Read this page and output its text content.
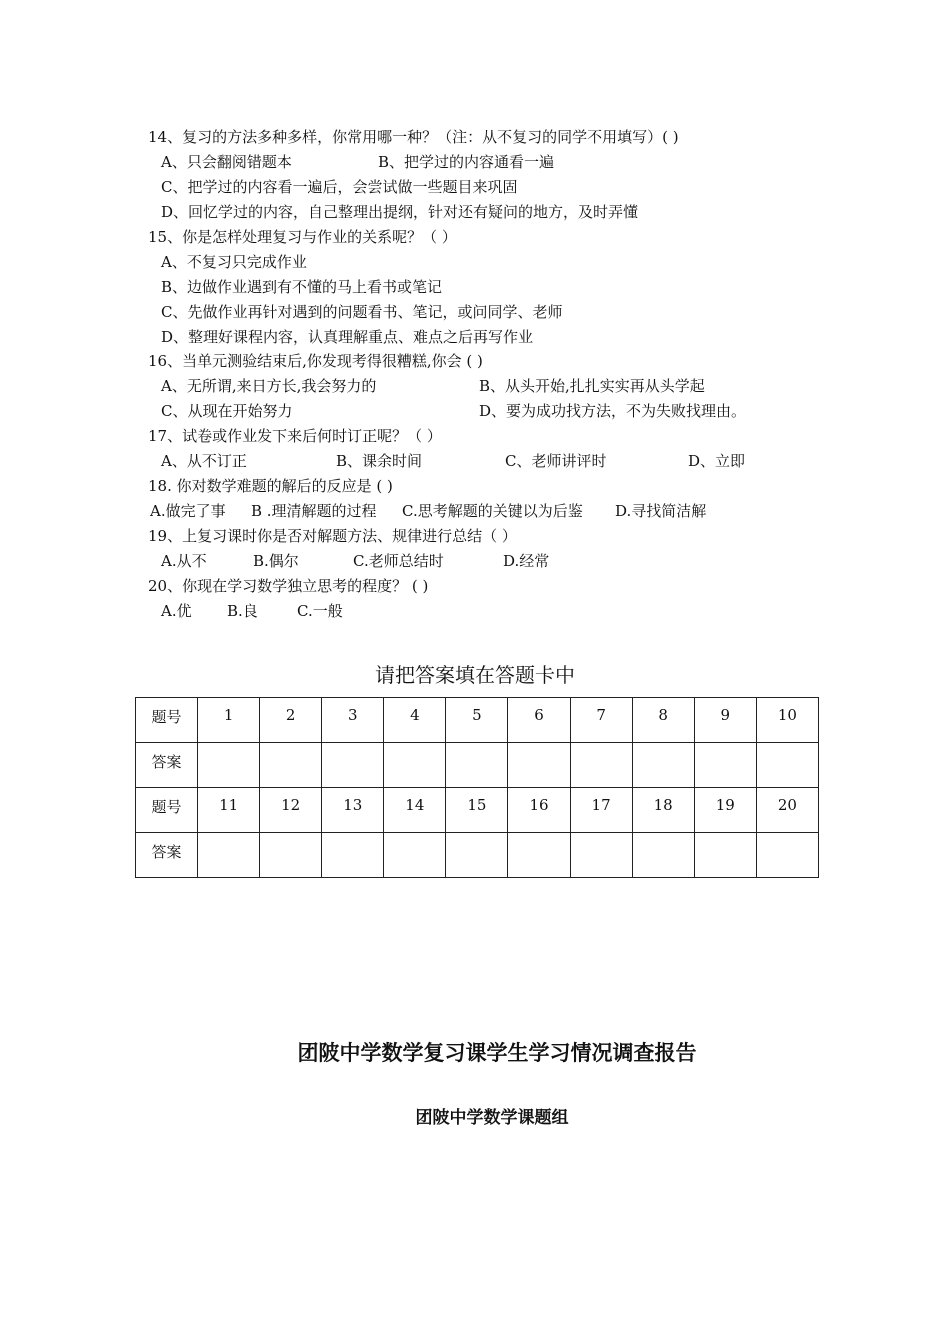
14、复习的方法多种多样，你常用哪一种？（注：从不复习的同学不用填写）( )
A、只会翻阅错题本	B、把学过的内容通看一遍
C、把学过的内容看一遍后，会尝试做一些题目来巩固
D、回忆学过的内容，自己整理出提纲，针对还有疑问的地方，及时弄懂
15、你是怎样处理复习与作业的关系呢？（ ）
A、不复习只完成作业
B、边做作业遇到有不懂的马上看书或笔记
C、先做作业再针对遇到的问题看书、笔记，或问同学、老师
D、整理好课程内容，认真理解重点、难点之后再写作业
16、当单元测验结束后,你发现考得很糟糕,你会 ( )
A、无所谓,来日方长,我会努力的	B、从头开始,扎扎实实再从头学起
C、从现在开始努力	D、要为成功找方法，不为失败找理由。
17、试卷或作业发下来后何时订正呢？（ ）
A、从不订正	B、课余时间	C、老师讲评时	D、立即
18. 你对数学难题的解后的反应是 ( )
A.做完了事 B .理清解题的过程 C.思考解题的关键以为后鉴 D.寻找简洁解
19、上复习课时你是否对解题方法、规律进行总结（ ）
A.从不	B.偶尔	C.老师总结时	D.经常
20、你现在学习数学独立思考的程度？ ( )
A.优 B.良	C.一般
请把答案填在答题卡中
题号	1	2	3	4	5	6	7	8	9	10
答案										
题号	11	12	13	14	15	16	17	18	19	20
答案										
团陂中学数学复习课学生学习情况调查报告
团陂中学数学课题组
